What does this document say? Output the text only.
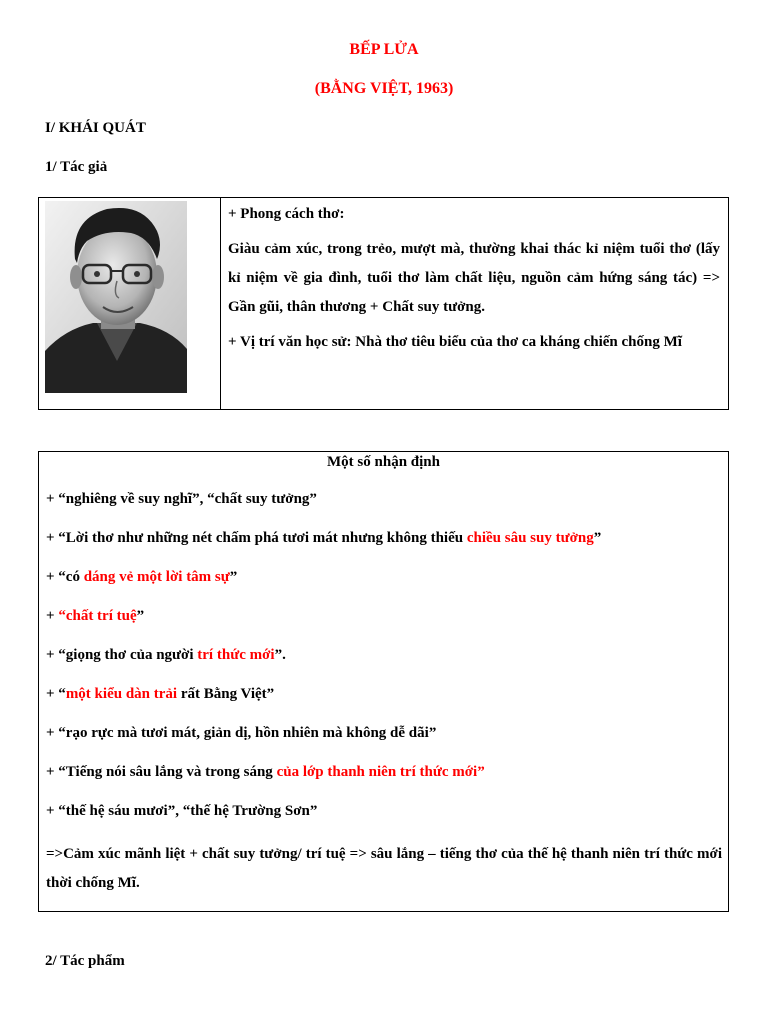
BẾP LỬA
(BẰNG VIỆT, 1963)
I/ KHÁI QUÁT
1/ Tác giả

+ Phong cách thơ:

Giàu cảm xúc, trong trẻo, mượt mà, thường khai thác kỉ niệm tuổi thơ (lấy kỉ niệm về gia đình, tuổi thơ làm chất liệu, nguồn cảm hứng sáng tác) => Gần gũi, thân thương + Chất suy tưởng.

+ Vị trí văn học sử: Nhà thơ tiêu biểu của thơ ca kháng chiến chống Mĩ

Một số nhận định
+ “nghiêng về suy nghĩ”, “chất suy tưởng”
+ “Lời thơ như những nét chấm phá tươi mát nhưng không thiếu chiều sâu suy tưởng”
+ “có dáng vẻ một lời tâm sự”
+ “chất trí tuệ”
+ “giọng thơ của người trí thức mới”.
+ “một kiểu dàn trải rất Bằng Việt”
+ “rạo rực mà tươi mát, giản dị, hồn nhiên mà không dễ dãi”
+ “Tiếng nói sâu lắng và trong sáng của lớp thanh niên trí thức mới”
+ “thế hệ sáu mươi”, “thế hệ Trường Sơn”
=>Cảm xúc mãnh liệt + chất suy tưởng/ trí tuệ => sâu lắng – tiếng thơ của thế hệ thanh niên trí thức mới thời chống Mĩ.
2/ Tác phẩm
